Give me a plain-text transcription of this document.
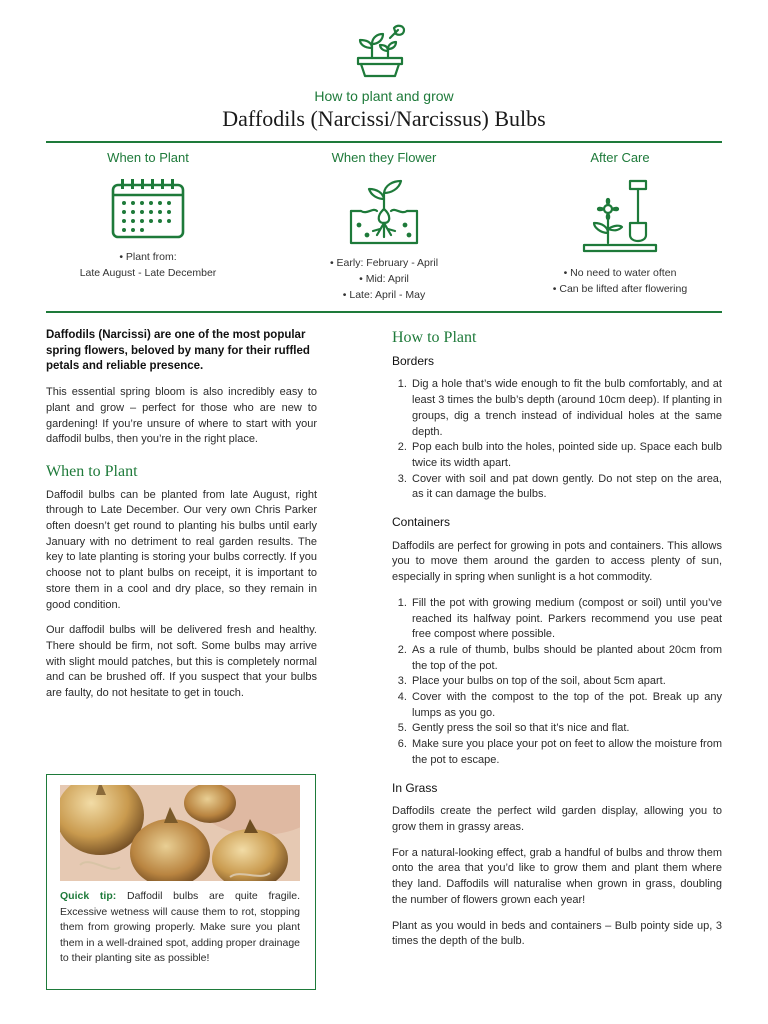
How to plant and grow
Daffodils (Narcissi/Narcissus) Bulbs
When to Plant
• Plant from:
Late August - Late December
When they Flower
• Early: February - April
• Mid: April
• Late: April - May
After Care
• No need to water often
• Can be lifted after flowering

Daffodils (Narcissi) are one of the most popular spring flowers, beloved by many for their ruffled petals and reliable presence.

This essential spring bloom is also incredibly easy to plant and grow – perfect for those who are new to gardening! If you’re unsure of where to start with your daffodil bulbs, then you’re in the right place.

When to Plant

Daffodil bulbs can be planted from late August, right through to Late December. Our very own Chris Parker often doesn’t get round to planting his bulbs until early January with no detriment to real garden results. The key to late planting is storing your bulbs correctly. If you choose not to plant bulbs on receipt, it is important to store them in a cool and dry place, so they remain in good condition.

Our daffodil bulbs will be delivered fresh and healthy. There should be firm, not soft. Some bulbs may arrive with slight mould patches, but this is completely normal and can be brushed off. If you suspect that your bulbs are faulty, do not hesitate to get in touch.

Quick tip: Daffodil bulbs are quite fragile. Excessive wetness will cause them to rot, stopping them from growing properly. Make sure you plant them in a well-drained spot, adding proper drainage to their planting site as possible!
How to Plant
Borders
1. Dig a hole that’s wide enough to fit the bulb comfortably, and at least 3 times the bulb’s depth (around 10cm deep). If planting in groups, dig a trench instead of individual holes at the same depth.
2. Pop each bulb into the holes, pointed side up. Space each bulb twice its width apart.
3. Cover with soil and pat down gently. Do not step on the area, as it can damage the bulbs.
Containers

Daffodils are perfect for growing in pots and containers. This allows you to move them around the garden to access plenty of sun, especially in spring when sunlight is a hot commodity.

1. Fill the pot with growing medium (compost or soil) until you’ve reached its halfway point. Parkers recommend you use peat free compost where possible.
2. As a rule of thumb, bulbs should be planted about 20cm from the top of the pot.
3. Place your bulbs on top of the soil, about 5cm apart.
4. Cover with the compost to the top of the pot. Break up any lumps as you go.
5. Gently press the soil so that it’s nice and flat.
6. Make sure you place your pot on feet to allow the moisture from the pot to escape.
In Grass

Daffodils create the perfect wild garden display, allowing you to grow them in grassy areas.

For a natural-looking effect, grab a handful of bulbs and throw them onto the area that you’d like to grow them and plant them where they land. Daffodils will naturalise when grown in grass, doubling the number of flowers grown each year!

Plant as you would in beds and containers – Bulb pointy side up, 3 times the depth of the bulb.
